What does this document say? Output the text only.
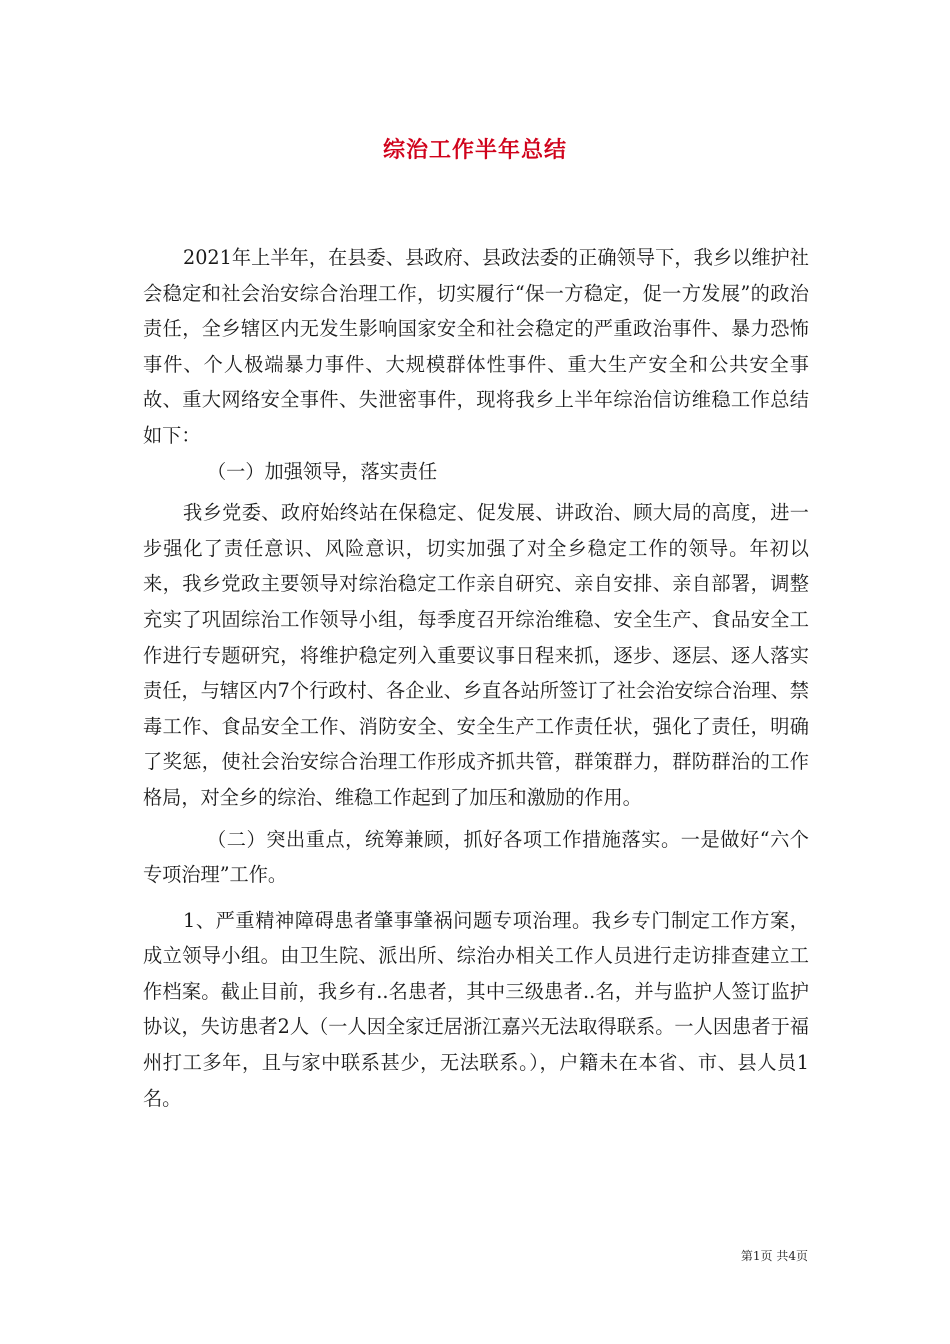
综治工作半年总结

2021年上半年，在县委、县政府、县政法委的正确领导下，我乡以维护社会稳定和社会治安综合治理工作，切实履行“保一方稳定，促一方发展”的政治责任，全乡辖区内无发生影响国家安全和社会稳定的严重政治事件、暴力恐怖事件、个人极端暴力事件、大规模群体性事件、重大生产安全和公共安全事故、重大网络安全事件、失泄密事件，现将我乡上半年综治信访维稳工作总结如下：

（一）加强领导，落实责任

我乡党委、政府始终站在保稳定、促发展、讲政治、顾大局的高度，进一步强化了责任意识、风险意识，切实加强了对全乡稳定工作的领导。年初以来，我乡党政主要领导对综治稳定工作亲自研究、亲自安排、亲自部署，调整充实了巩固综治工作领导小组，每季度召开综治维稳、安全生产、食品安全工作进行专题研究，将维护稳定列入重要议事日程来抓，逐步、逐层、逐人落实责任，与辖区内7个行政村、各企业、乡直各站所签订了社会治安综合治理、禁毒工作、食品安全工作、消防安全、安全生产工作责任状，强化了责任，明确了奖惩，使社会治安综合治理工作形成齐抓共管，群策群力，群防群治的工作格局，对全乡的综治、维稳工作起到了加压和激励的作用。

（二）突出重点，统筹兼顾，抓好各项工作措施落实。一是做好“六个专项治理”工作。

1、严重精神障碍患者肇事肇祸问题专项治理。我乡专门制定工作方案，成立领导小组。由卫生院、派出所、综治办相关工作人员进行走访排查建立工作档案。截止目前，我乡有..名患者，其中三级患者..名，并与监护人签订监护协议，失访患者2人（一人因全家迁居浙江嘉兴无法取得联系。一人因患者于福州打工多年，且与家中联系甚少，无法联系。），户籍未在本省、市、县人员1名。

第1页 共4页
